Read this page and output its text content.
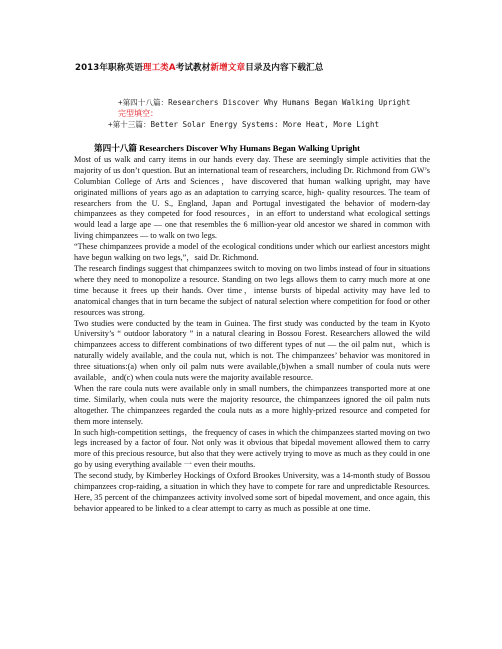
2013年职称英语理工类A考试教材新增文章目录及内容下载汇总
+第四十八篇：Researchers Discover Why Humans Began Walking Upright
完型填空：
+第十三篇：Better Solar Energy Systems: More Heat, More Light
第四十八篇 Researchers Discover Why Humans Began Walking Upright

Most of us walk and carry items in our hands every day. These are seemingly simple activities that the majority of us don’t question. But an international team of researchers, including Dr. Richmond from GW’s Columbian College of Arts and Sciences，have discovered that human walking upright, may have originated millions of years ago as an adaptation to carrying scarce, high- quality resources. The team of researchers from the U. S., England, Japan and Portugal investigated the behavior of modern-day chimpanzees as they competed for food resources，in an effort to understand what ecological settings would lead a large ape — one that resembles the 6 million-year old ancestor we shared in common with living chimpanzees — to walk on two legs.

“These chimpanzees provide a model of the ecological conditions under which our earliest ancestors might have begun walking on two legs,”，said Dr. Richmond.

The research findings suggest that chimpanzees switch to moving on two limbs instead of four in situations where they need to monopolize a resource. Standing on two legs allows them to carry much more at one time because it frees up their hands. Over time，intense bursts of bipedal activity may have led to anatomical changes that in turn became the subject of natural selection where competition for food or other resources was strong.

Two studies were conducted by the team in Guinea. The first study was conducted by the team in Kyoto University’s “ outdoor laboratory ” in a natural clearing in Bossou Forest. Researchers allowed the wild chimpanzees access to different combinations of two different types of nut — the oil palm nut，which is naturally widely available, and the coula nut, which is not. The chimpanzees’ behavior was monitored in three situations:(a) when only oil palm nuts were available,(b)when a small number of coula nuts were available，and(c) when coula nuts were the majority available resource.

When the rare coula nuts were available only in small numbers, the chimpanzees transported more at one time. Similarly, when coula nuts were the majority resource, the chimpanzees ignored the oil palm nuts altogether. The chimpanzees regarded the coula nuts as a more highly-prized resource and competed for them more intensely.

In such high-competition settings，the frequency of cases in which the chimpanzees started moving on two legs increased by a factor of four. Not only was it obvious that bipedal movement allowed them to carry more of this precious resource, but also that they were actively trying to move as much as they could in one go by using everything available 一 even their mouths.

The second study, by Kimberley Hockings of Oxford Brookes University, was a 14-month study of Bossou chimpanzees crop-raiding, a situation in which they have to compete for rare and unpredictable Resources. Here, 35 percent of the chimpanzees activity involved some sort of bipedal movement, and once again, this behavior appeared to be linked to a clear attempt to carry as much as possible at one time.
